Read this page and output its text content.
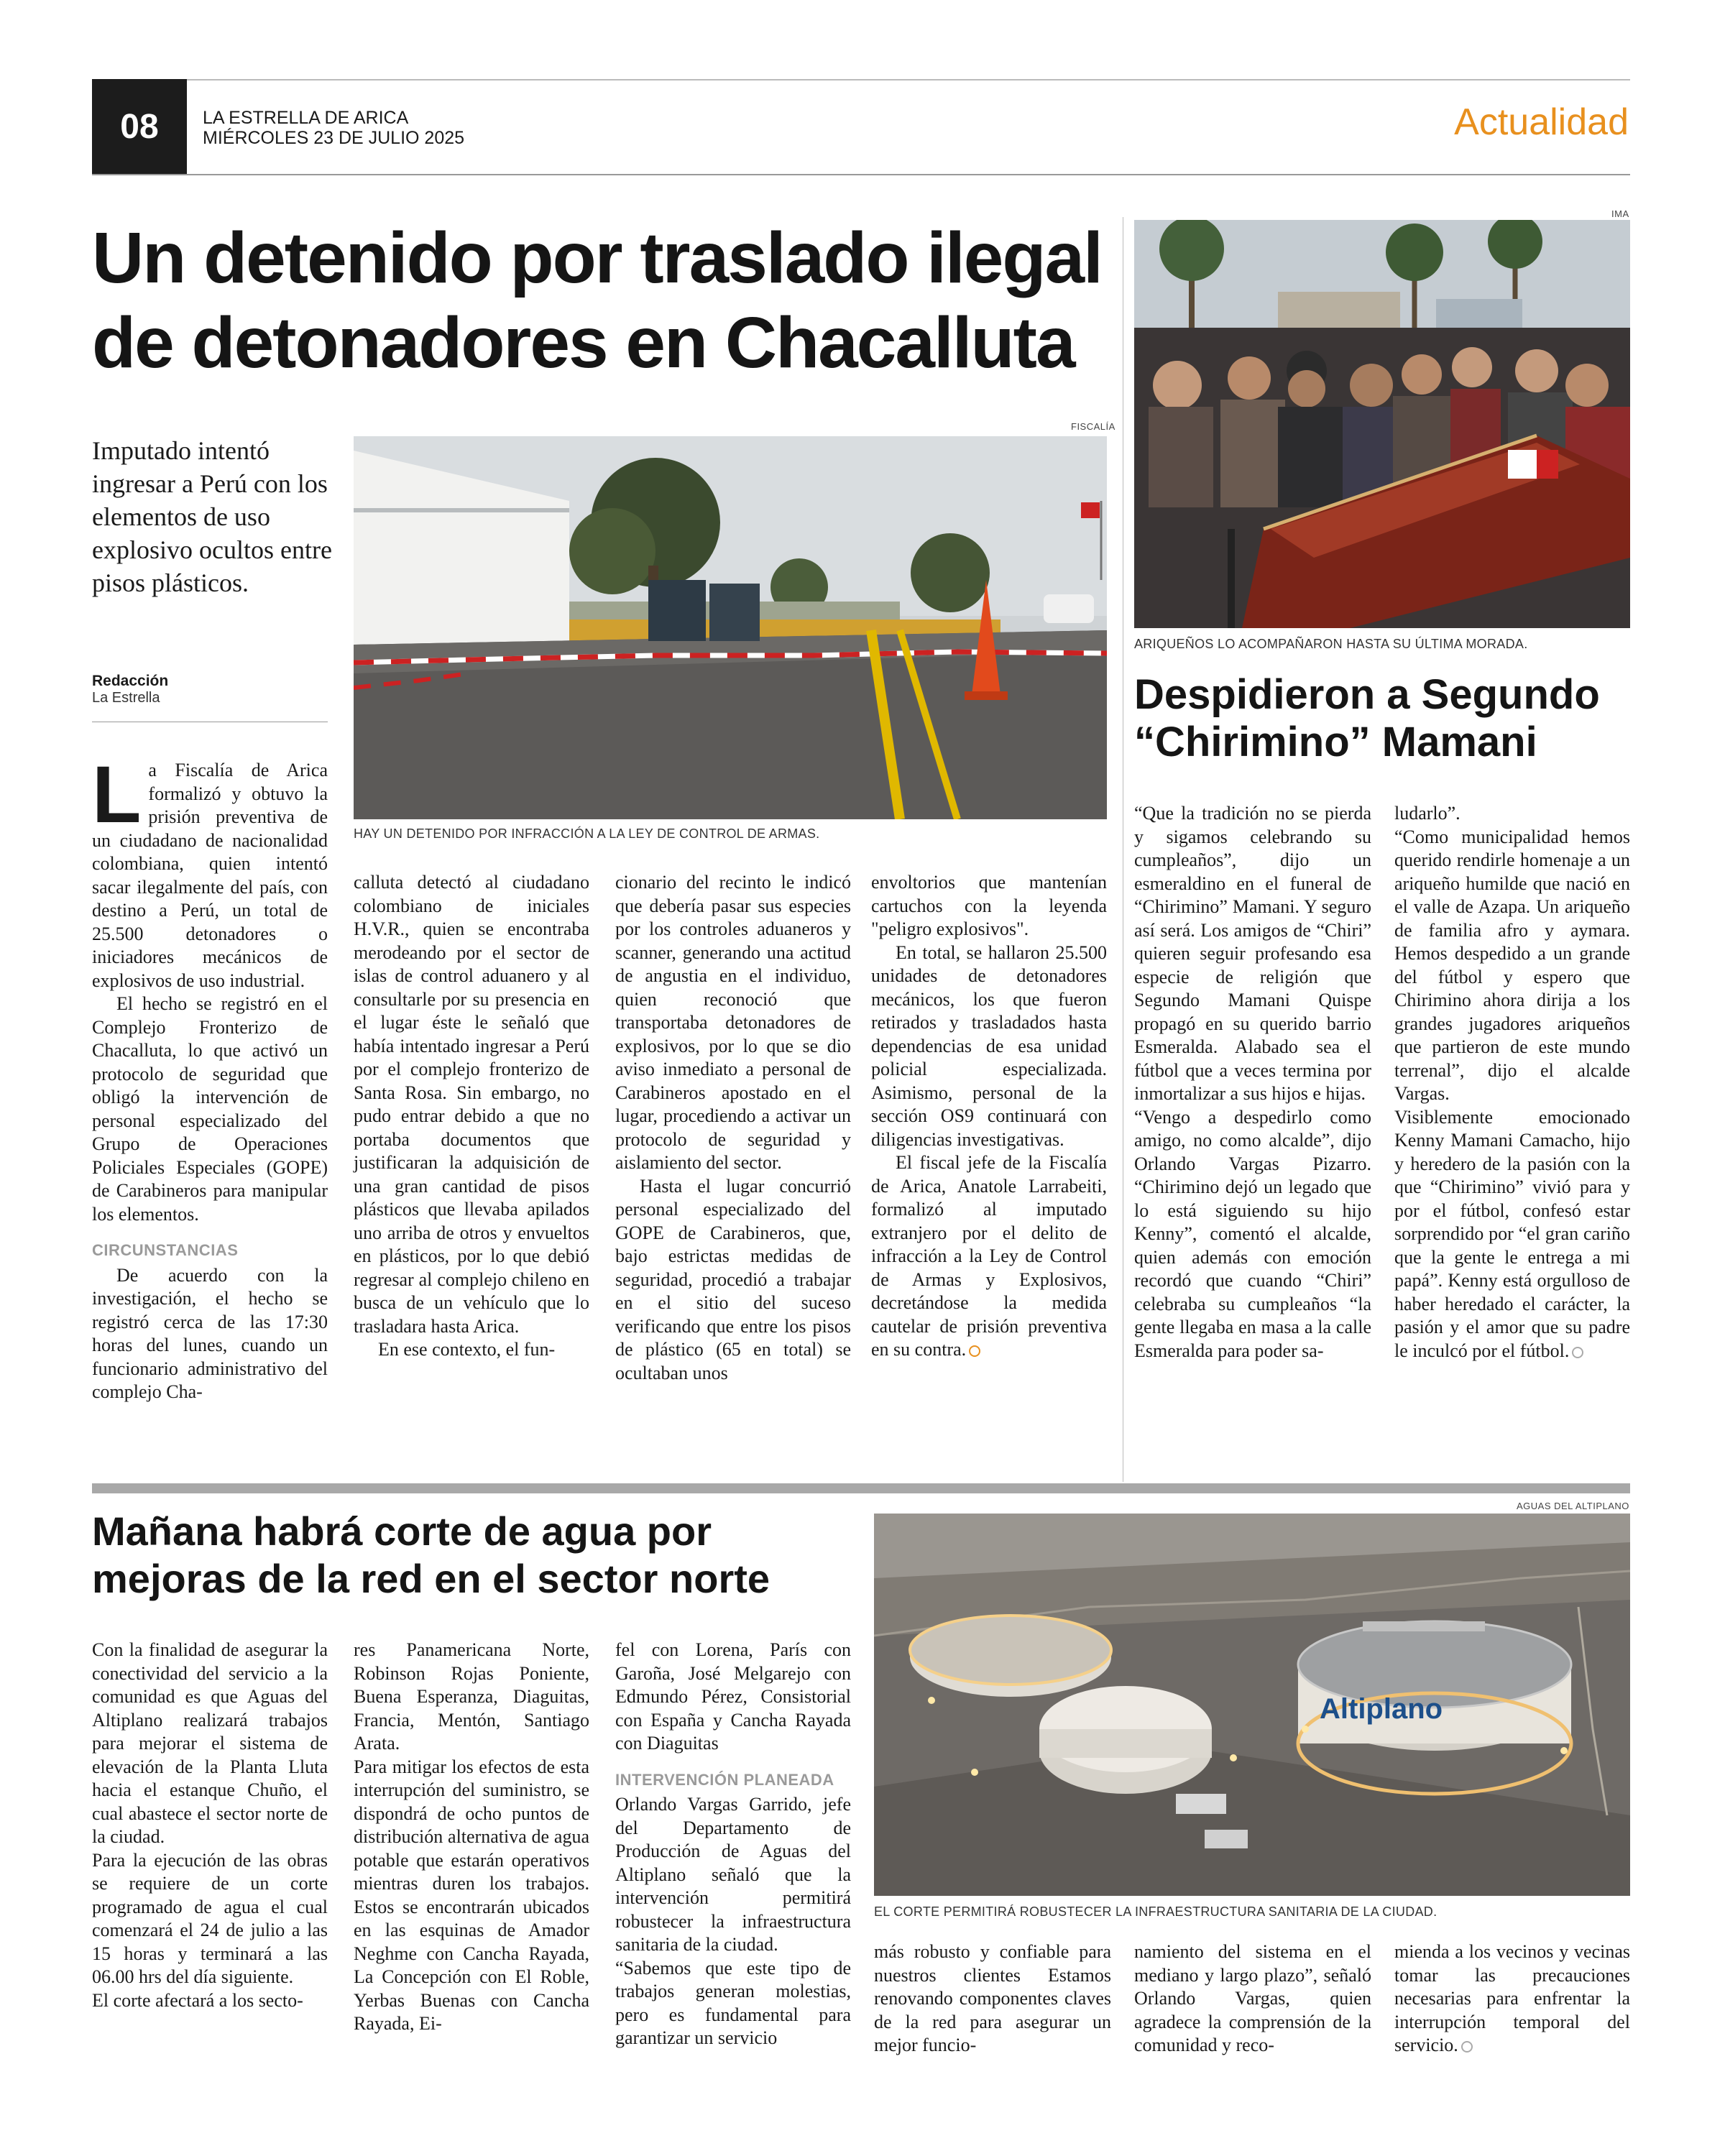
08	LA ESTRELLA DE ARICA
MIÉRCOLES 23 DE JULIO 2025	Actualidad
Un detenido por traslado ilegal
de detonadores en Chacalluta
Imputado intentó ingresar a Perú con los elementos de uso explosivo ocultos entre pisos plásticos.
Redacción
La Estrella
FISCALÍA
HAY UN DETENIDO POR INFRACCIÓN A LA LEY DE CONTROL DE ARMAS.

La Fiscalía de Arica formalizó y obtuvo la prisión preventiva de un ciudadano de nacionalidad colombiana, quien intentó sacar ilegalmente del país, con destino a Perú, un total de 25.500 detonadores o iniciadores mecánicos de explosivos de uso industrial.

El hecho se registró en el Complejo Fronterizo de Chacalluta, lo que activó un protocolo de seguridad que obligó la intervención de personal especializado del Grupo de Operaciones Policiales Especiales (GOPE) de Carabineros para manipular los elementos.

CIRCUNSTANCIAS

De acuerdo con la investigación, el hecho se registró cerca de las 17:30 horas del lunes, cuando un funcionario administrativo del complejo Cha-

calluta detectó al ciudadano colombiano de iniciales H.V.R., quien se encontraba merodeando por el sector de islas de control aduanero y al consultarle por su presencia en el lugar éste le señaló que había intentado ingresar a Perú por el complejo fronterizo de Santa Rosa. Sin embargo, no pudo entrar debido a que no portaba documentos que justificaran la adquisición de una gran cantidad de pisos plásticos que llevaba apilados uno arriba de otros y envueltos en plásticos, por lo que debió regresar al complejo chileno en busca de un vehículo que lo trasladara hasta Arica.

En ese contexto, el fun-

cionario del recinto le indicó que debería pasar sus especies por los controles aduaneros y scanner, generando una actitud de angustia en el individuo, quien reconoció que transportaba detonadores de explosivos, por lo que se dio aviso inmediato a personal de Carabineros apostado en el lugar, procediendo a activar un protocolo de seguridad y aislamiento del sector.

Hasta el lugar concurrió personal especializado del GOPE de Carabineros, que, bajo estrictas medidas de seguridad, procedió a trabajar en el sitio del suceso verificando que entre los pisos de plástico (65 en total) se ocultaban unos

envoltorios que mantenían cartuchos con la leyenda "peligro explosivos".

En total, se hallaron 25.500 unidades de detonadores mecánicos, los que fueron retirados y trasladados hasta dependencias de esa unidad policial especializada. Asimismo, personal de la sección OS9 continuará con diligencias investigativas.

El fiscal jefe de la Fiscalía de Arica, Anatole Larrabeiti, formalizó al imputado extranjero por el delito de infracción a la Ley de Control de Armas y Explosivos, decretándose la medida cautelar de prisión preventiva en su contra.

IMA
ARIQUEÑOS LO ACOMPAÑARON HASTA SU ÚLTIMA MORADA.
Despidieron a Segundo
“Chirimino” Mamani

“Que la tradición no se pierda y sigamos celebrando su cumpleaños”, dijo un esmeraldino en el funeral de “Chirimino” Mamani. Y seguro así será. Los amigos de “Chiri” quieren seguir profesando esa especie de religión que Segundo Mamani Quispe propagó en su querido barrio Esmeralda. Alabado sea el fútbol que a veces termina por inmortalizar a sus hijos e hijas.

“Vengo a despedirlo como amigo, no como alcalde”, dijo Orlando Vargas Pizarro. “Chirimino dejó un legado que lo está siguiendo su hijo Kenny”, comentó el alcalde, quien además con emoción recordó que cuando “Chiri” celebraba su cumpleaños “la gente llegaba en masa a la calle Esmeralda para poder sa-

ludarlo”.

“Como municipalidad hemos querido rendirle homenaje a un ariqueño humilde que nació en el valle de Azapa. Un ariqueño de familia afro y aymara. Hemos despedido a un grande del fútbol y espero que Chirimino ahora dirija a los grandes jugadores ariqueños que partieron de este mundo terrenal”, dijo el alcalde Vargas.

Visiblemente emocionado Kenny Mamani Camacho, hijo y heredero de la pasión con la que “Chirimino” vivió para y por el fútbol, confesó estar sorprendido por “el gran cariño que la gente le entrega a mi papá”. Kenny está orgulloso de haber heredado el carácter, la pasión y el amor que su padre le inculcó por el fútbol.

Mañana habrá corte de agua por
mejoras de la red en el sector norte
AGUAS DEL ALTIPLANO
Altiplano
EL CORTE PERMITIRÁ ROBUSTECER LA INFRAESTRUCTURA SANITARIA DE LA CIUDAD.

Con la finalidad de asegurar la conectividad del servicio a la comunidad es que Aguas del Altiplano realizará trabajos para mejorar el sistema de elevación de la Planta Lluta hacia el estanque Chuño, el cual abastece el sector norte de la ciudad.

Para la ejecución de las obras se requiere de un corte programado de agua el cual comenzará el 24 de julio a las 15 horas y terminará a las 06.00 hrs del día siguiente.

El corte afectará a los secto-

res Panamericana Norte, Robinson Rojas Poniente, Buena Esperanza, Diaguitas, Francia, Mentón, Santiago Arata.

Para mitigar los efectos de esta interrupción del suministro, se dispondrá de ocho puntos de distribución alternativa de agua potable que estarán operativos mientras duren los trabajos. Estos se encontrarán ubicados en las esquinas de Amador Neghme con Cancha Rayada, La Concepción con El Roble, Yerbas Buenas con Cancha Rayada, Ei-

fel con Lorena, París con Garoña, José Melgarejo con Edmundo Pérez, Consistorial con España y Cancha Rayada con Diaguitas

INTERVENCIÓN PLANEADA

Orlando Vargas Garrido, jefe del Departamento de Producción de Aguas del Altiplano señaló que la intervención permitirá robustecer la infraestructura sanitaria de la ciudad.

“Sabemos que este tipo de trabajos generan molestias, pero es fundamental para garantizar un servicio

más robusto y confiable para nuestros clientes Estamos renovando componentes claves de la red para asegurar un mejor funcio-

namiento del sistema en el mediano y largo plazo”, señaló Orlando Vargas, quien agradece la comprensión de la comunidad y reco-

mienda a los vecinos y vecinas tomar las precauciones necesarias para enfrentar la interrupción temporal del servicio.
